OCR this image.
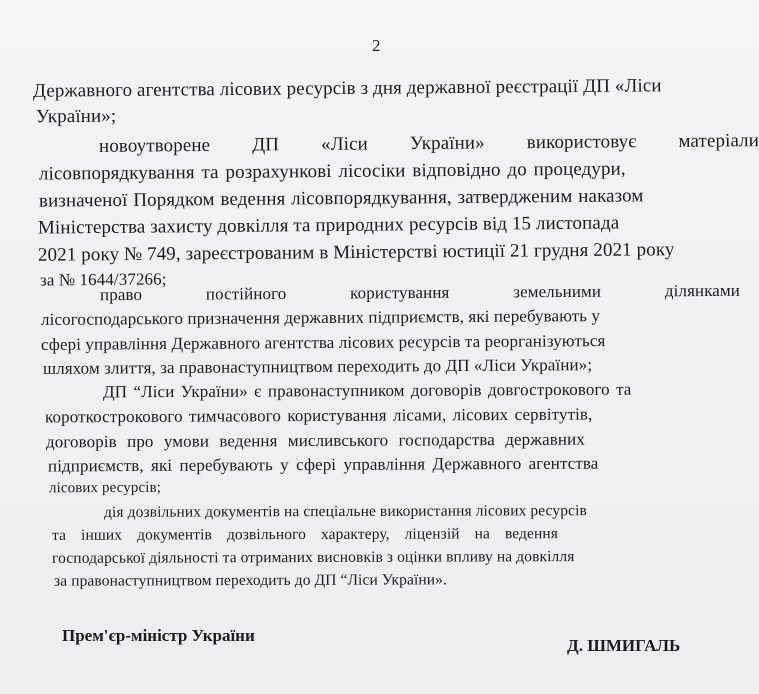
2
Державного агентства лісових ресурсів з дня державної реєстрації ДП «Ліси
України»;
новоутворене ДП «Ліси України» використовує матеріали
лісовпорядкування та розрахункові лісосіки відповідно до процедури,
визначеної Порядком ведення лісовпорядкування, затвердженим наказом
Міністерства захисту довкілля та природних ресурсів від 15 листопада
2021 року № 749, зареєстрованим в Міністерстві юстиції 21 грудня 2021 року
за № 1644/37266;
право	постійного	користування	земельними	ділянками
лісогосподарського призначення державних підприємств, які перебувають у
сфері управління Державного агентства лісових ресурсів та реорганізуються
шляхом злиття, за правонаступництвом переходить до ДП «Ліси України»;
ДП “Ліси України» є правонаступником договорів довгострокового та
короткострокового тимчасового користування лісами, лісових сервітутів,
договорів про умови ведення мисливського господарства державних
підприємств, які перебувають у сфері управління Державного агентства
лісових ресурсів;
дія дозвільних документів на спеціальне використання лісових ресурсів
та інших документів дозвільного характеру, ліцензій на ведення
господарської діяльності та отриманих висновків з оцінки впливу на довкілля
за правонаступництвом переходить до ДП “Ліси України».
Прем'єр-міністр України
Д. ШМИГАЛЬ
